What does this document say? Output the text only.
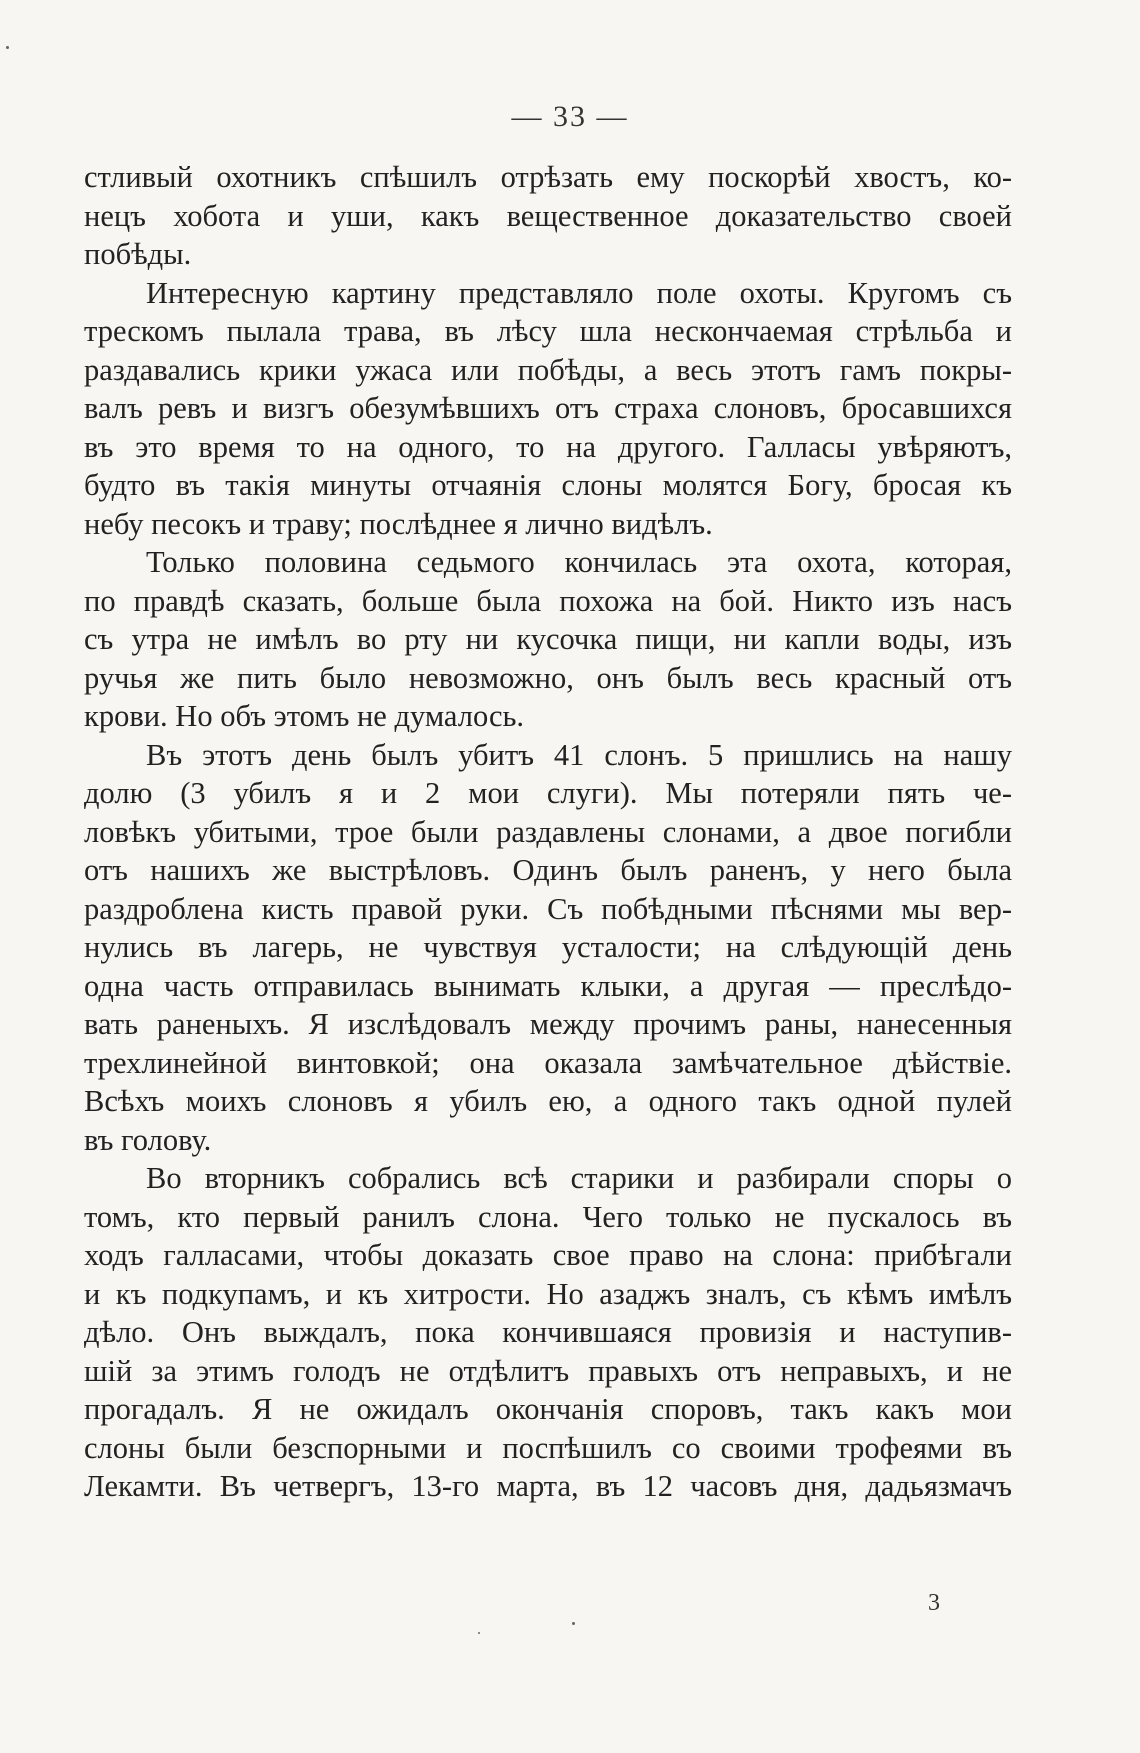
— 33 —

стливый охотникъ спѣшилъ отрѣзать ему поскорѣй хвостъ, ко-

нецъ хобота и уши, какъ вещественное доказательство своей

побѣды.

Интересную картину представляло поле охоты. Кругомъ съ

трескомъ пылала трава, въ лѣсу шла нескончаемая стрѣльба и

раздавались крики ужаса или побѣды, а весь этотъ гамъ покры-

валъ ревъ и визгъ обезумѣвшихъ отъ страха слоновъ, бросавшихся

въ это время то на одного, то на другого. Галласы увѣряютъ,

будто въ такія минуты отчаянія слоны молятся Богу, бросая къ

небу песокъ и траву; послѣднее я лично видѣлъ.

Только половина седьмого кончилась эта охота, которая,

по правдѣ сказать, больше была похожа на бой. Никто изъ насъ

съ утра не имѣлъ во рту ни кусочка пищи, ни капли воды, изъ

ручья же пить было невозможно, онъ былъ весь красный отъ

крови. Но объ этомъ не думалось.

Въ этотъ день былъ убитъ 41 слонъ. 5 пришлись на нашу

долю (3 убилъ я и 2 мои слуги). Мы потеряли пять че-

ловѣкъ убитыми, трое были раздавлены слонами, а двое погибли

отъ нашихъ же выстрѣловъ. Одинъ былъ раненъ, у него была

раздроблена кисть правой руки. Съ побѣдными пѣснями мы вер-

нулись въ лагерь, не чувствуя усталости; на слѣдующій день

одна часть отправилась вынимать клыки, а другая — преслѣдо-

вать раненыхъ. Я изслѣдовалъ между прочимъ раны, нанесенныя

трехлинейной винтовкой; она оказала замѣчательное дѣйствіе.

Всѣхъ моихъ слоновъ я убилъ ею, а одного такъ одной пулей

въ голову.

Во вторникъ собрались всѣ старики и разбирали споры о

томъ, кто первый ранилъ слона. Чего только не пускалось въ

ходъ галласами, чтобы доказать свое право на слона: прибѣгали

и къ подкупамъ, и къ хитрости. Но азаджъ зналъ, съ кѣмъ имѣлъ

дѣло. Онъ выждалъ, пока кончившаяся провизія и наступив-

шій за этимъ голодъ не отдѣлитъ правыхъ отъ неправыхъ, и не

прогадалъ. Я не ожидалъ окончанія споровъ, такъ какъ мои

слоны были безспорными и поспѣшилъ со своими трофеями въ

Лекамти. Въ четвергъ, 13-го марта, въ 12 часовъ дня, дадьязмачъ

3
